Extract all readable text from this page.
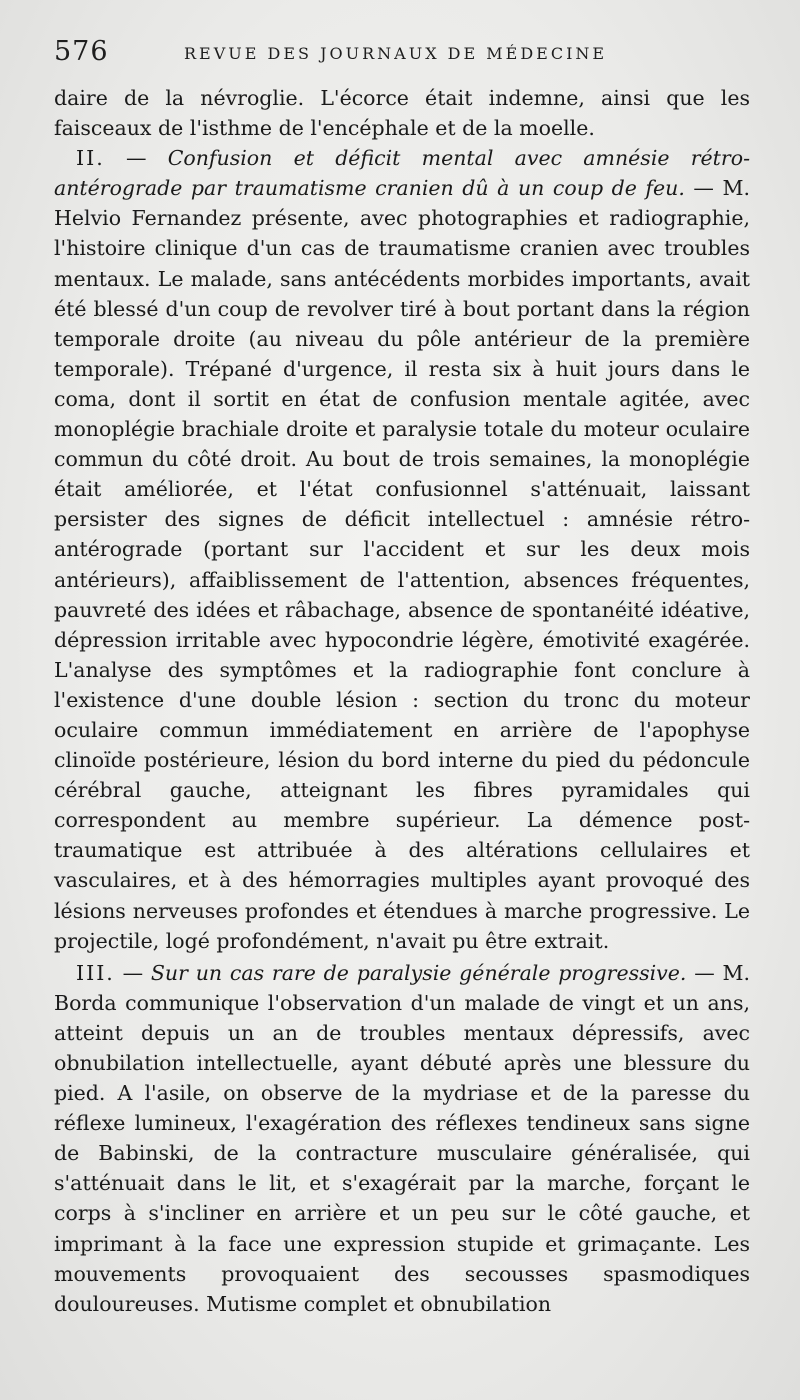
576	REVUE DES JOURNAUX DE MÉDECINE

daire de la névroglie. L'écorce était indemne, ainsi que les faisceaux de l'isthme de l'encéphale et de la moelle.

II. — Confusion et déficit mental avec amnésie rétro-antérograde par traumatisme cranien dû à un coup de feu. — M. Helvio Fernandez présente, avec photographies et radiographie, l'histoire clinique d'un cas de traumatisme cranien avec troubles mentaux. Le malade, sans antécédents morbides importants, avait été blessé d'un coup de revolver tiré à bout portant dans la région temporale droite (au niveau du pôle antérieur de la première temporale). Trépané d'urgence, il resta six à huit jours dans le coma, dont il sortit en état de confusion mentale agitée, avec monoplégie brachiale droite et paralysie totale du moteur oculaire commun du côté droit. Au bout de trois semaines, la monoplégie était améliorée, et l'état confusionnel s'atténuait, laissant persister des signes de déficit intellectuel : amnésie rétro-antérograde (portant sur l'accident et sur les deux mois antérieurs), affaiblissement de l'attention, absences fréquentes, pauvreté des idées et râbachage, absence de spontanéité idéative, dépression irritable avec hypocondrie légère, émotivité exagérée. L'analyse des symptômes et la radiographie font conclure à l'existence d'une double lésion : section du tronc du moteur oculaire commun immédiatement en arrière de l'apophyse clinoïde postérieure, lésion du bord interne du pied du pédoncule cérébral gauche, atteignant les fibres pyramidales qui correspondent au membre supérieur. La démence post-traumatique est attribuée à des altérations cellulaires et vasculaires, et à des hémorragies multiples ayant provoqué des lésions nerveuses profondes et étendues à marche progressive. Le projectile, logé profondément, n'avait pu être extrait.

III. — Sur un cas rare de paralysie générale progressive. — M. Borda communique l'observation d'un malade de vingt et un ans, atteint depuis un an de troubles mentaux dépressifs, avec obnubilation intellectuelle, ayant débuté après une blessure du pied. A l'asile, on observe de la mydriase et de la paresse du réflexe lumineux, l'exagération des réflexes tendineux sans signe de Babinski, de la contracture musculaire généralisée, qui s'atténuait dans le lit, et s'exagérait par la marche, forçant le corps à s'incliner en arrière et un peu sur le côté gauche, et imprimant à la face une expression stupide et grimaçante. Les mouvements provoquaient des secousses spasmodiques douloureuses. Mutisme complet et obnubilation
